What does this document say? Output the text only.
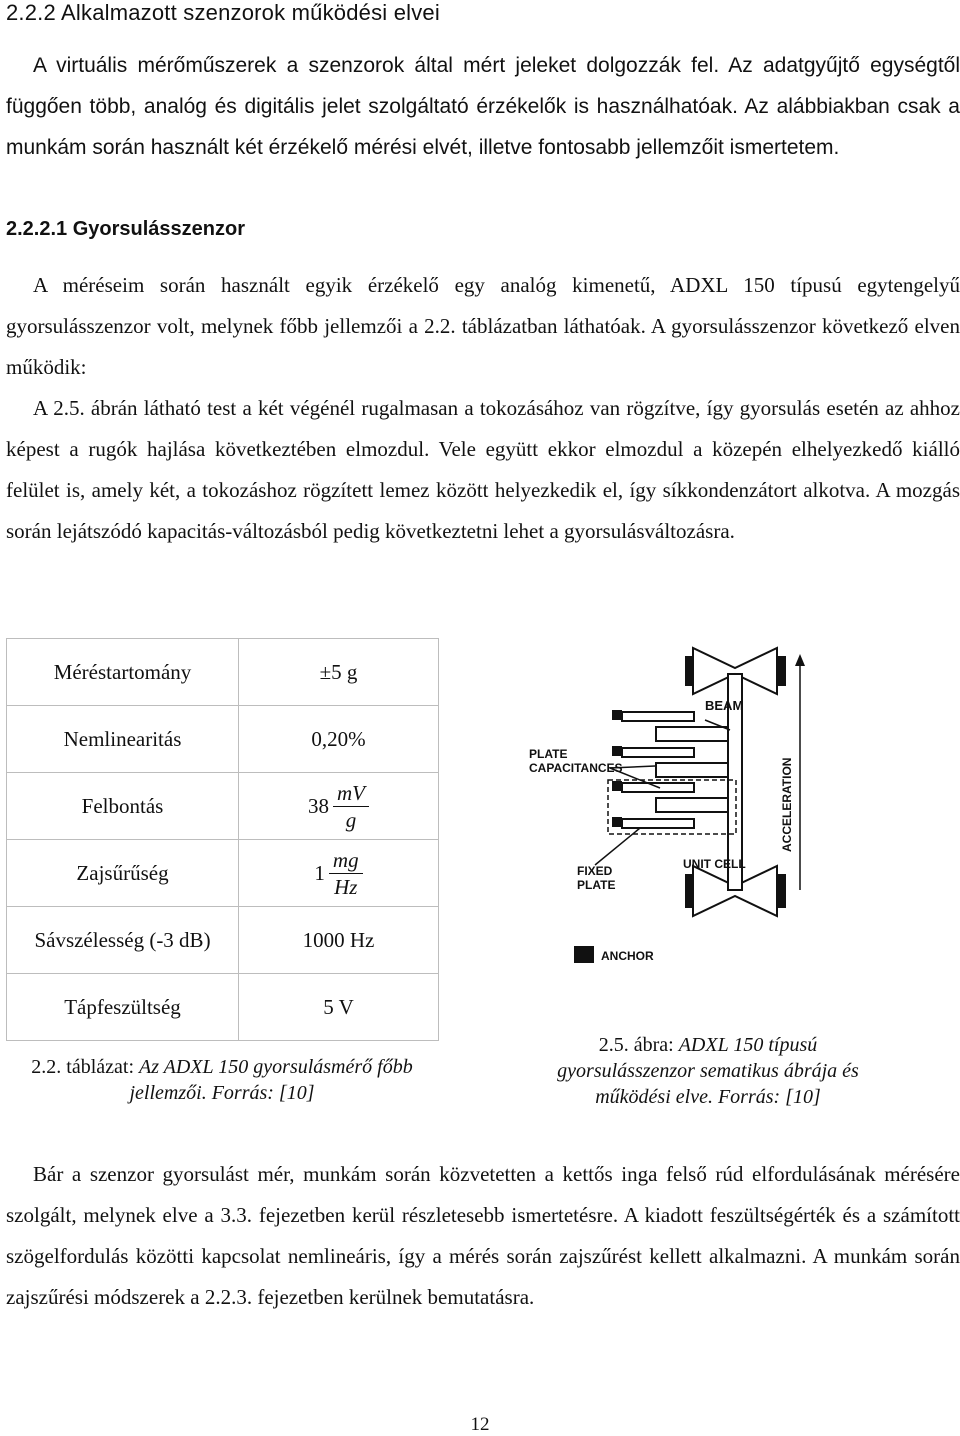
2.2.2 Alkalmazott szenzorok működési elvei
A virtuális mérőműszerek a szenzorok által mért jeleket dolgozzák fel. Az adatgyűjtő egységtől függően több, analóg és digitális jelet szolgáltató érzékelők is használhatóak. Az alábbiakban csak a munkám során használt két érzékelő mérési elvét, illetve fontosabb jellemzőit ismertetem.
2.2.2.1 Gyorsulásszenzor
A méréseim során használt egyik érzékelő egy analóg kimenetű, ADXL 150 típusú egytengelyű gyorsulásszenzor volt, melynek főbb jellemzői a 2.2. táblázatban láthatóak. A gyorsulásszenzor következő elven működik:
A 2.5. ábrán látható test a két végénél rugalmasan a tokozásához van rögzítve, így gyorsulás esetén az ahhoz képest a rugók hajlása következtében elmozdul. Vele együtt ekkor elmozdul a közepén elhelyezkedő kiálló felület is, amely két, a tokozáshoz rögzített lemez között helyezkedik el, így síkkondenzátort alkotva. A mozgás során lejátszódó kapacitás-változásból pedig következtetni lehet a gyorsulásváltozásra.
Méréstartomány	±5 g
Nemlinearitás	0,20%
Felbontás	$38 \frac{mV}{g}$

Zajsűrűség	$1 \frac{mg}{Hz}$

Sávszélesség (-3 dB)	1000 Hz
Tápfeszültség	5 V
2.2. táblázat: Az ADXL 150 gyorsulásmérő főbb jellemzői. Forrás: [10]
BEAM
PLATE
CAPACITANCES
FIXED
PLATE
UNIT CELL
ACCELERATION
ANCHOR
2.5. ábra: ADXL 150 típusú gyorsulásszenzor sematikus ábrája és működési elve. Forrás: [10]
Bár a szenzor gyorsulást mér, munkám során közvetetten a kettős inga felső rúd elfordulásának mérésére szolgált, melynek elve a 3.3. fejezetben kerül részletesebb ismertetésre. A kiadott feszültségérték és a számított szögelfordulás közötti kapcsolat nemlineáris, így a mérés során zajszűrést kellett alkalmazni. A munkám során zajszűrési módszerek a 2.2.3. fejezetben kerülnek bemutatásra.
12
